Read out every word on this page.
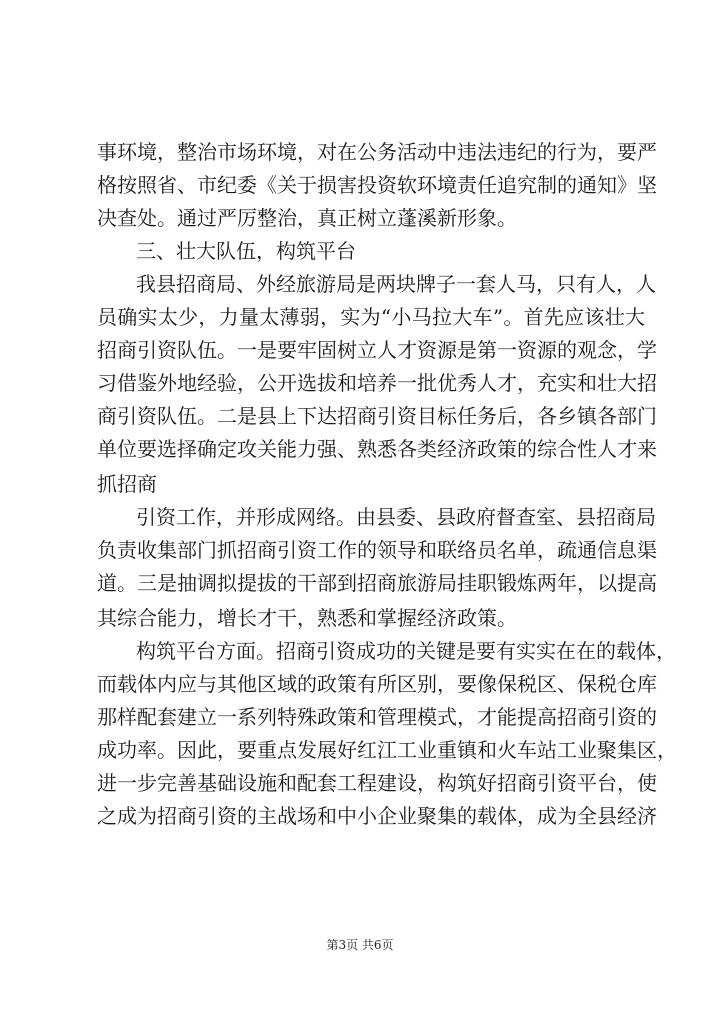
事环境，整治市场环境，对在公务活动中违法违纪的行为，要严
格按照省、市纪委《关于损害投资软环境责任追究制的通知》坚
决查处。通过严厉整治，真正树立蓬溪新形象。
三、壮大队伍，构筑平台
我县招商局、外经旅游局是两块牌子一套人马，只有人，人
员确实太少，力量太薄弱，实为“小马拉大车”。首先应该壮大
招商引资队伍。一是要牢固树立人才资源是第一资源的观念，学
习借鉴外地经验，公开选拔和培养一批优秀人才，充实和壮大招
商引资队伍。二是县上下达招商引资目标任务后，各乡镇各部门
单位要选择确定攻关能力强、熟悉各类经济政策的综合性人才来
抓招商
引资工作，并形成网络。由县委、县政府督查室、县招商局
负责收集部门抓招商引资工作的领导和联络员名单，疏通信息渠
道。三是抽调拟提拔的干部到招商旅游局挂职锻炼两年，以提高
其综合能力，增长才干，熟悉和掌握经济政策。
构筑平台方面。招商引资成功的关键是要有实实在在的载体，
而载体内应与其他区域的政策有所区别，要像保税区、保税仓库
那样配套建立一系列特殊政策和管理模式，才能提高招商引资的
成功率。因此，要重点发展好红江工业重镇和火车站工业聚集区，
进一步完善基础设施和配套工程建设，构筑好招商引资平台，使
之成为招商引资的主战场和中小企业聚集的载体，成为全县经济
第3页 共6页
